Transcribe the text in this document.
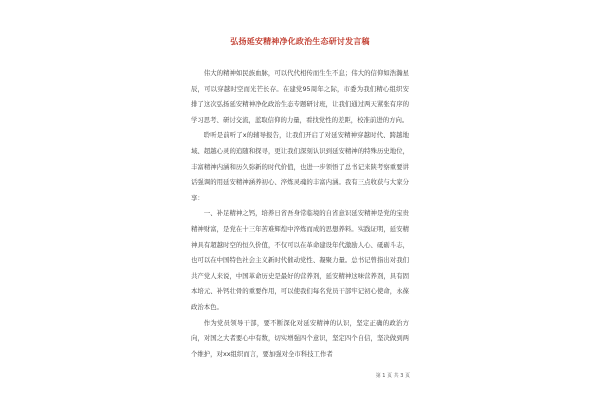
弘扬延安精神净化政治生态研讨发言稿

伟大的精神如民族血脉，可以代代相传而生生不息；伟大的信仰如浩瀚星辰，可以穿越时空而光芒长存。在建党95周年之际，市委为我们精心组织安排了这次弘扬延安精神净化政治生态专题研讨班，让我们通过两天紧张有序的学习思考、研讨交流，蓝取信仰的力量，看找党性的差距，校准前进的方向。

聆听是前听了x的辅导报告，让我们开启了对延安精神穿越时代、跨越地域、超越心灵的追随和探寻，更让我们深刻认识到延安精神的特殊历史地位，丰富精神内涵和历久弥新的时代价值，也进一步领悟了总书记来陕考察重要讲话强调的用延安精神涵养初心、淬炼灵魂的丰富内涵。我有三点收获与大家分享：

一、补足精神之钙，培养日省吾身常临境的自省意识延安精神是党的宝贵精神财富，是党在十三年苦难辉煌中淬炼而成的思想养料。实践证明，延安精神具有超越时空的恒久价值，不仅可以在革命建设年代激励人心、砥砺斗志，也可以在中国特色社会主义新时代催动党性、凝聚力量。总书记曾指出对我们共产党人来说，中国革命历史是最好的营养剂，延安精神这味营养剂，具有固本培元、补钙壮骨的重要作用，可以使我们每名党员干部牢记初心使命，永葆政治本色。

作为党员领导干部，要不断深化对延安精神的认识，坚定正确的政治方向，对国之大者要心中有数，切实增强四个意识，坚定四个自信，坚决做到两个维护，对xx组织而言，要加强对全市科技工作者

第 1 页 共 3 页
